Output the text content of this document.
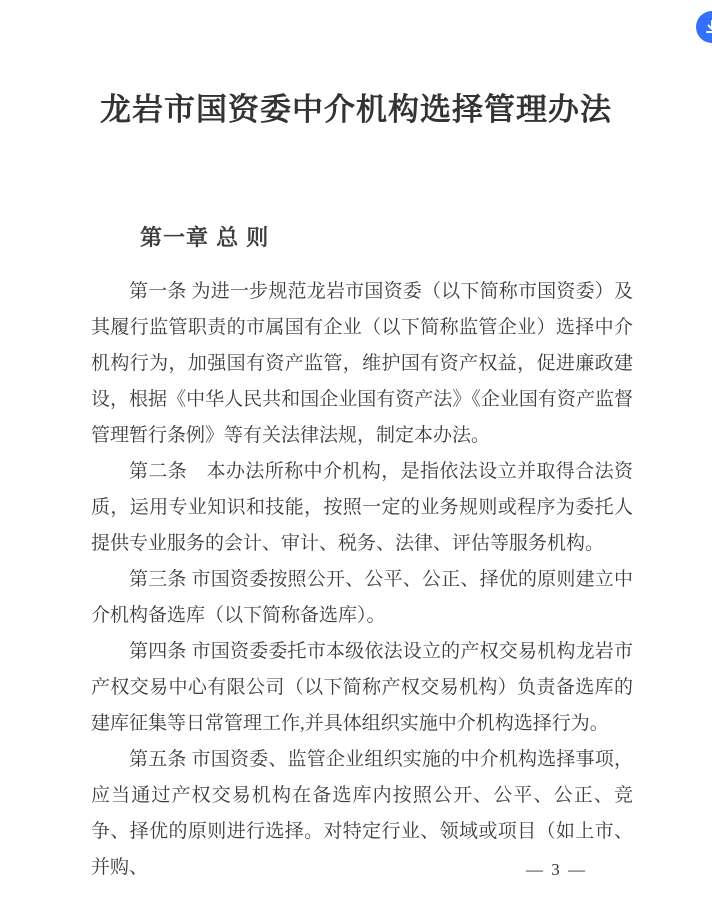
龙岩市国资委中介机构选择管理办法
第一章 总 则

第一条 为进一步规范龙岩市国资委（以下简称市国资委）及其履行监管职责的市属国有企业（以下简称监管企业）选择中介机构行为，加强国有资产监管，维护国有资产权益，促进廉政建设，根据《中华人民共和国企业国有资产法》《企业国有资产监督管理暂行条例》等有关法律法规，制定本办法。

第二条　本办法所称中介机构，是指依法设立并取得合法资质，运用专业知识和技能，按照一定的业务规则或程序为委托人提供专业服务的会计、审计、税务、法律、评估等服务机构。

第三条 市国资委按照公开、公平、公正、择优的原则建立中介机构备选库（以下简称备选库）。

第四条 市国资委委托市本级依法设立的产权交易机构龙岩市产权交易中心有限公司（以下简称产权交易机构）负责备选库的建库征集等日常管理工作,并具体组织实施中介机构选择行为。

第五条 市国资委、监管企业组织实施的中介机构选择事项，应当通过产权交易机构在备选库内按照公开、公平、公正、竞争、择优的原则进行选择。对特定行业、领域或项目（如上市、并购、	— 3 —
